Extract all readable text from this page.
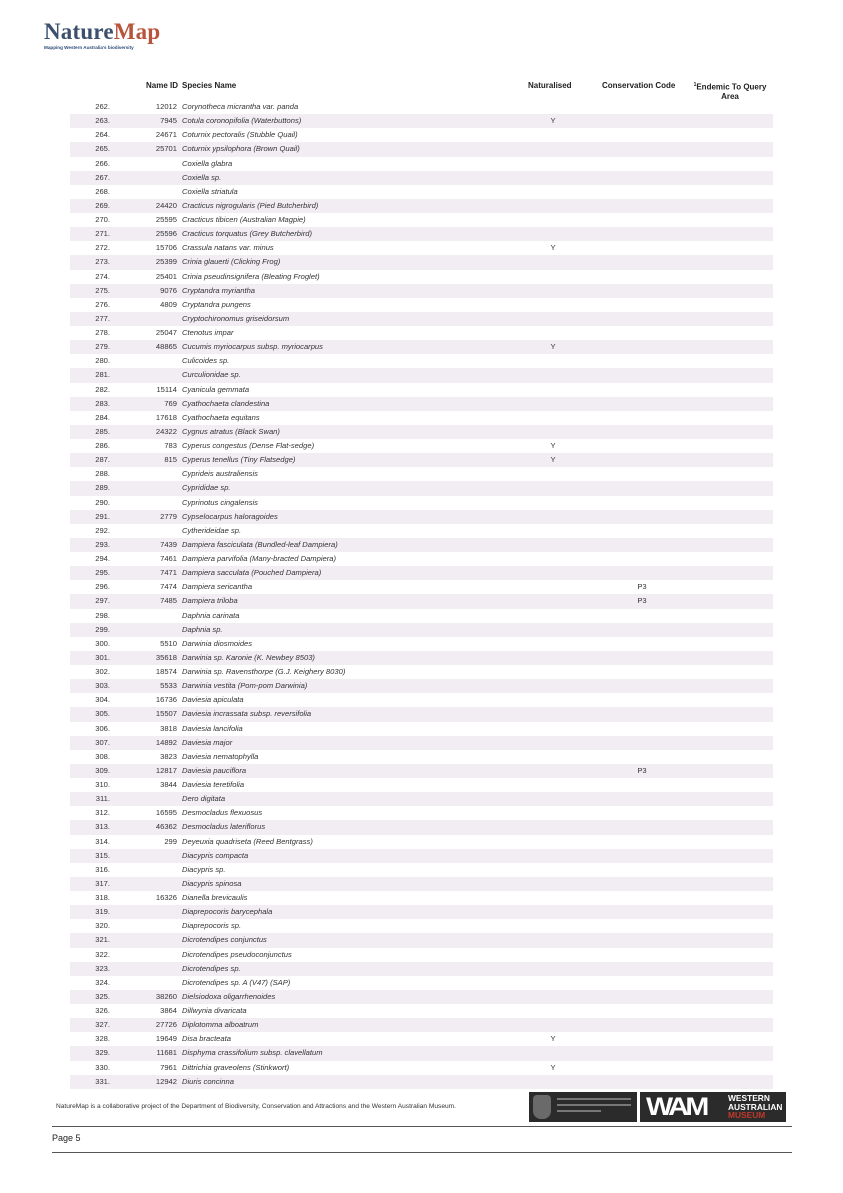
NatureMap
Mapping Western Australia's biodiversity
Name ID Species Name	Naturalised	Conservation Code	$^1$Endemic To Query Area
262.	12012 Corynotheca micrantha var. panda
263.	7945 Cotula coronopifolia (Waterbuttons)	Y
264.	24671 Coturnix pectoralis (Stubble Quail)
265.	25701 Coturnix ypsilophora (Brown Quail)
266.	Coxiella glabra
267.	Coxiella sp.
268.	Coxiella striatula
269.	24420 Cracticus nigrogularis (Pied Butcherbird)
270.	25595 Cracticus tibicen (Australian Magpie)
271.	25596 Cracticus torquatus (Grey Butcherbird)
272.	15706 Crassula natans var. minus	Y
273.	25399 Crinia glauerti (Clicking Frog)
274.	25401 Crinia pseudinsignifera (Bleating Froglet)
275.	9076 Cryptandra myriantha
276.	4809 Cryptandra pungens
277.	Cryptochironomus griseidorsum
278.	25047 Ctenotus impar
279.	48865 Cucumis myriocarpus subsp. myriocarpus	Y
280.	Culicoides sp.
281.	Curculionidae sp.
282.	15114 Cyanicula gemmata
283.	769 Cyathochaeta clandestina
284.	17618 Cyathochaeta equitans
285.	24322 Cygnus atratus (Black Swan)
286.	783 Cyperus congestus (Dense Flat-sedge)	Y
287.	815 Cyperus tenellus (Tiny Flatsedge)	Y
288.	Cyprideis australiensis
289.	Cyprididae sp.
290.	Cyprinotus cingalensis
291.	2779 Cypselocarpus haloragoides
292.	Cytherideidae sp.
293.	7439 Dampiera fasciculata (Bundled-leaf Dampiera)
294.	7461 Dampiera parvifolia (Many-bracted Dampiera)
295.	7471 Dampiera sacculata (Pouched Dampiera)
296.	7474 Dampiera sericantha	P3
297.	7485 Dampiera triloba	P3
298.	Daphnia carinata
299.	Daphnia sp.
300.	5510 Darwinia diosmoides
301.	35618 Darwinia sp. Karonie (K. Newbey 8503)
302.	18574 Darwinia sp. Ravensthorpe (G.J. Keighery 8030)
303.	5533 Darwinia vestita (Pom-pom Darwinia)
304.	16736 Daviesia apiculata
305.	15507 Daviesia incrassata subsp. reversifolia
306.	3818 Daviesia lancifolia
307.	14892 Daviesia major
308.	3823 Daviesia nematophylla
309.	12817 Daviesia pauciflora	P3
310.	3844 Daviesia teretifolia
311.	Dero digitata
312.	16595 Desmocladus flexuosus
313.	46362 Desmocladus lateriflorus
314.	299 Deyeuxia quadriseta (Reed Bentgrass)
315.	Diacypris compacta
316.	Diacypris sp.
317.	Diacypris spinosa
318.	16326 Dianella brevicaulis
319.	Diaprepocoris barycephala
320.	Diaprepocoris sp.
321.	Dicrotendipes conjunctus
322.	Dicrotendipes pseudoconjunctus
323.	Dicrotendipes sp.
324.	Dicrotendipes sp. A (V47) (SAP)
325.	38260 Dielsiodoxa oligarrhenoides
326.	3864 Dillwynia divaricata
327.	27726 Diplotomma alboatrum
328.	19649 Disa bracteata	Y
329.	11681 Disphyma crassifolium subsp. clavellatum
330.	7961 Dittrichia graveolens (Stinkwort)	Y
331.	12942 Diuris concinna
NatureMap is a collaborative project of the Department of Biodiversity, Conservation and Attractions and the Western Australian Museum.	WAM	WESTERN
AUSTRALIAN
MUSEUM
Page 5
